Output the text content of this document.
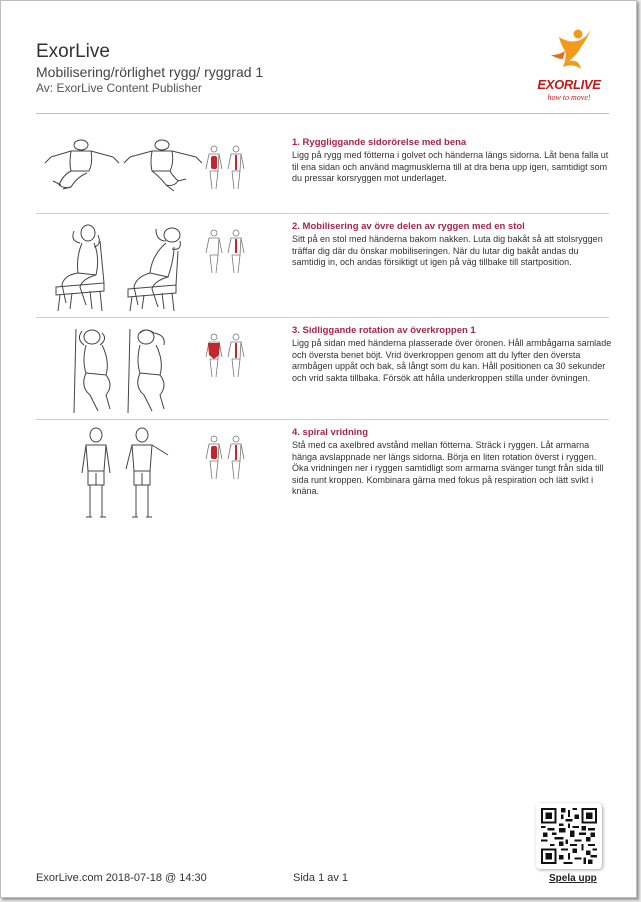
ExorLive
Mobilisering/rörlighet rygg/ ryggrad 1
Av: ExorLive Content Publisher	EXORLIVE
how to move!
1. Ryggliggande sidorörelse med bena
Ligg på rygg med fötterna i golvet och händerna längs sidorna. Låt bena falla ut til ena sidan och använd magmusklerna till at dra bena upp igen, samtidigt som du pressar korsryggen mot underlaget.
2. Mobilisering av övre delen av ryggen med en stol
Sitt på en stol med händerna bakom nakken. Luta dig bakåt så att stolsryggen träffar dig där du önskar mobiliseringen. När du lutar dig bakåt andas du samtidig in, och andas försiktigt ut igen på väg tillbake till startposition.
3. Sidliggande rotation av överkroppen 1
Ligg på sidan med händerna plasserade över öronen. Håll armbågarna samlade och översta benet böjt. Vrid överkroppen genom att du lyfter den översta armbågen uppåt och bak, så långt som du kan. Håll positionen ca 30 sekunder och vrid sakta tillbaka. Försök att hålla underkroppen stilla under övningen.
4. spiral vridning
Stå med ca axelbred avstånd mellan fötterna. Sträck i ryggen. Låt armarna hänga avslappnade ner längs sidorna. Börja en liten rotation överst i ryggen. Öka vridningen ner i ryggen samtidligt som armarna svänger tungt från sida till sida runt kroppen. Kombinara gärna med fokus på respiration och lätt svikt i knäna.
Spela upp
ExorLive.com 2018-07-18 @ 14:30	Sida 1 av 1
